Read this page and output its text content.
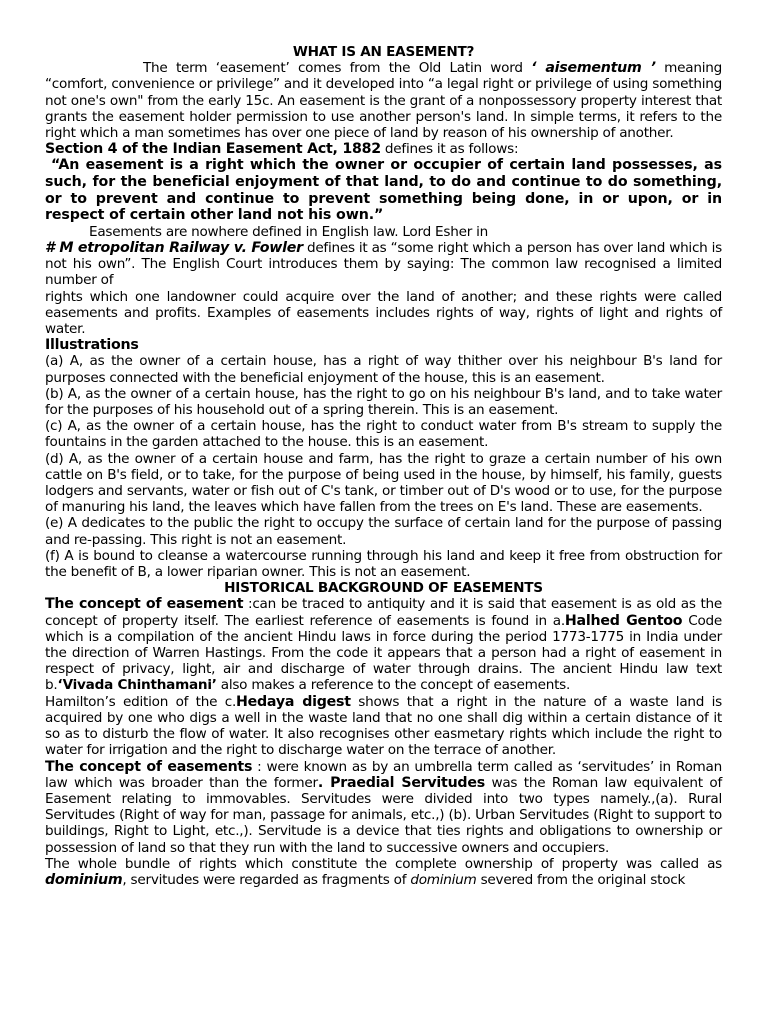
WHAT IS AN EASEMENT?

The term ‘easement’ comes from the Old Latin word ‘ aisementum ’ meaning “comfort, convenience or privilege” and it developed into “a legal right or privilege of using something not one's own" from the early 15c. An easement is the grant of a nonpossessory property interest that grants the easement holder permission to use another person's land. In simple terms, it refers to the right which a man sometimes has over one piece of land by reason of his ownership of another.

Section 4 of the Indian Easement Act, 1882 defines it as follows:

“An easement is a right which the owner or occupier of certain land possesses, as such, for the beneficial enjoyment of that land, to do and continue to do something, or to prevent and continue to prevent something being done, in or upon, or in respect of certain other land not his own.”

Easements are nowhere defined in English law. Lord Esher in

# M etropolitan Railway v. Fowler defines it as “some right which a person has over land which is not his own”. The English Court introduces them by saying: The common law recognised a limited number of

rights which one landowner could acquire over the land of another; and these rights were called easements and profits. Examples of easements includes rights of way, rights of light and rights of water.

Illustrations

(a) A, as the owner of a certain house, has a right of way thither over his neighbour B's land for purposes connected with the beneficial enjoyment of the house, this is an easement.

(b) A, as the owner of a certain house, has the right to go on his neighbour B's land, and to take water for the purposes of his household out of a spring therein. This is an easement.

(c) A, as the owner of a certain house, has the right to conduct water from B's stream to supply the fountains in the garden attached to the house. this is an easement.

(d) A, as the owner of a certain house and farm, has the right to graze a certain number of his own cattle on B's field, or to take, for the purpose of being used in the house, by himself, his family, guests lodgers and servants, water or fish out of C's tank, or timber out of D's wood or to use, for the purpose of manuring his land, the leaves which have fallen from the trees on E's land. These are easements.

(e) A dedicates to the public the right to occupy the surface of certain land for the purpose of passing and re-passing. This right is not an easement.

(f) A is bound to cleanse a watercourse running through his land and keep it free from obstruction for the benefit of B, a lower riparian owner. This is not an easement.

HISTORICAL BACKGROUND OF EASEMENTS

The concept of easement :can be traced to antiquity and it is said that easement is as old as the concept of property itself. The earliest reference of easements is found in a.Halhed Gentoo Code which is a compilation of the ancient Hindu laws in force during the period 1773-1775 in India under the direction of Warren Hastings. From the code it appears that a person had a right of easement in respect of privacy, light, air and discharge of water through drains. The ancient Hindu law text b.‘Vivada Chinthamani’ also makes a reference to the concept of easements.

Hamilton’s edition of the c.Hedaya digest shows that a right in the nature of a waste land is acquired by one who digs a well in the waste land that no one shall dig within a certain distance of it so as to disturb the flow of water. It also recognises other easmetary rights which include the right to water for irrigation and the right to discharge water on the terrace of another.

The concept of easements : were known as by an umbrella term called as ‘servitudes’ in Roman law which was broader than the former. Praedial Servitudes was the Roman law equivalent of Easement relating to immovables. Servitudes were divided into two types namely.,(a). Rural Servitudes (Right of way for man, passage for animals, etc.,) (b). Urban Servitudes (Right to support to buildings, Right to Light, etc.,). Servitude is a device that ties rights and obligations to ownership or possession of land so that they run with the land to successive owners and occupiers.

The whole bundle of rights which constitute the complete ownership of property was called as dominium, servitudes were regarded as fragments of dominium severed from the original stock
